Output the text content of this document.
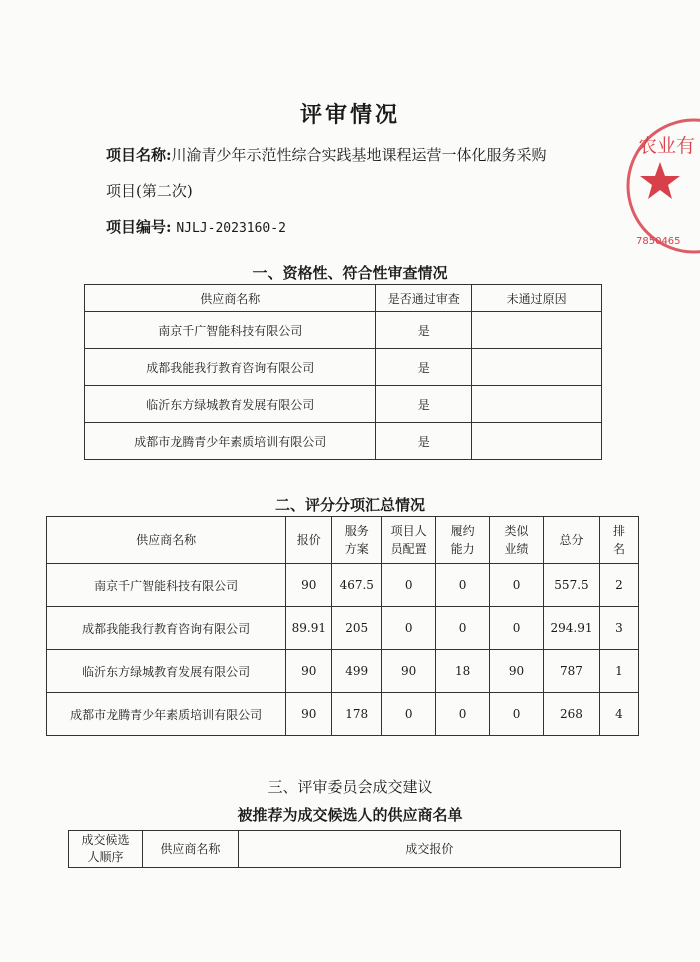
评审情况
项目名称:川渝青少年示范性综合实践基地课程运营一体化服务采购
项目(第二次)
项目编号: NJLJ-2023160-2
一、资格性、符合性审查情况
供应商名称	是否通过审查	未通过原因
南京千广智能科技有限公司	是	
成都我能我行教育咨询有限公司	是	
临沂东方绿城教育发展有限公司	是	
成都市龙腾青少年素质培训有限公司	是	
二、评分分项汇总情况
供应商名称	报价	服务方案	项目人员配置	履约能力	类似业绩	总分	排名
南京千广智能科技有限公司	90	467.5	0	0	0	557.5	2
成都我能我行教育咨询有限公司	89.91	205	0	0	0	294.91	3
临沂东方绿城教育发展有限公司	90	499	90	18	90	787	1
成都市龙腾青少年素质培训有限公司	90	178	0	0	0	268	4
三、评审委员会成交建议
被推荐为成交候选人的供应商名单
成交候选人顺序	供应商名称	成交报价
农业有
7850465
